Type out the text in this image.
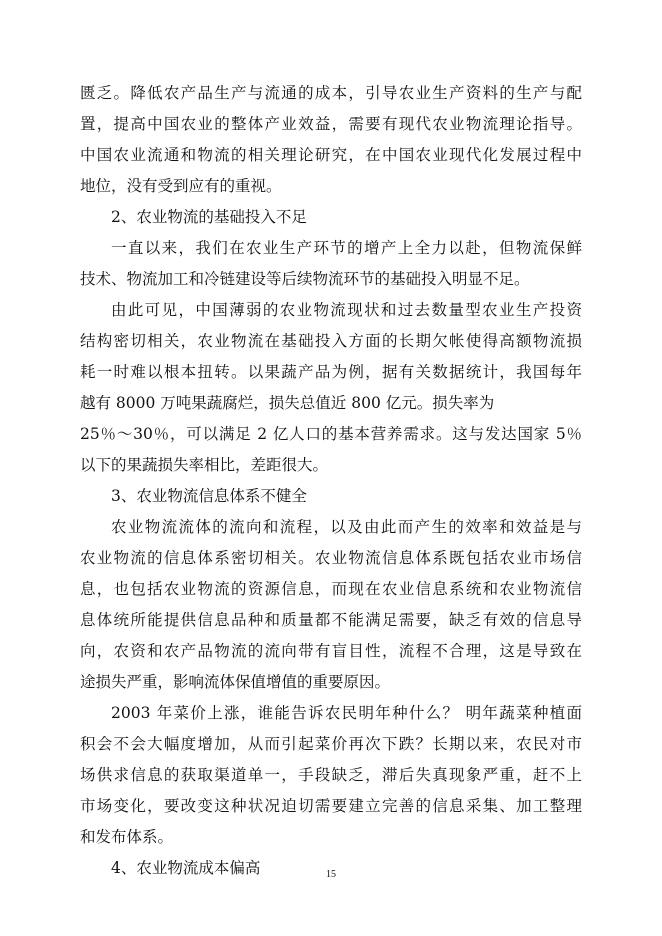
匮乏。降低农产品生产与流通的成本，引导农业生产资料的生产与配
置，提高中国农业的整体产业效益，需要有现代农业物流理论指导。
中国农业流通和物流的相关理论研究，在中国农业现代化发展过程中
地位，没有受到应有的重视。
2、农业物流的基础投入不足
一直以来，我们在农业生产环节的增产上全力以赴，但物流保鲜
技术、物流加工和冷链建设等后续物流环节的基础投入明显不足。
由此可见，中国薄弱的农业物流现状和过去数量型农业生产投资
结构密切相关，农业物流在基础投入方面的长期欠帐使得高额物流损
耗一时难以根本扭转。以果蔬产品为例，据有关数据统计，我国每年
越有 8000 万吨果蔬腐烂，损失总值近 800 亿元。损失率为
25％～30％，可以满足 2 亿人口的基本营养需求。这与发达国家 5％
以下的果蔬损失率相比，差距很大。
3、农业物流信息体系不健全
农业物流流体的流向和流程，以及由此而产生的效率和效益是与
农业物流的信息体系密切相关。农业物流信息体系既包括农业市场信
息，也包括农业物流的资源信息，而现在农业信息系统和农业物流信
息体统所能提供信息品种和质量都不能满足需要，缺乏有效的信息导
向，农资和农产品物流的流向带有盲目性，流程不合理，这是导致在
途损失严重，影响流体保值增值的重要原因。
2003 年菜价上涨，谁能告诉农民明年种什么？ 明年蔬菜种植面
积会不会大幅度增加，从而引起菜价再次下跌？长期以来，农民对市
场供求信息的获取渠道单一，手段缺乏，滞后失真现象严重，赶不上
市场变化，要改变这种状况迫切需要建立完善的信息采集、加工整理
和发布体系。
4、农业物流成本偏高	15
